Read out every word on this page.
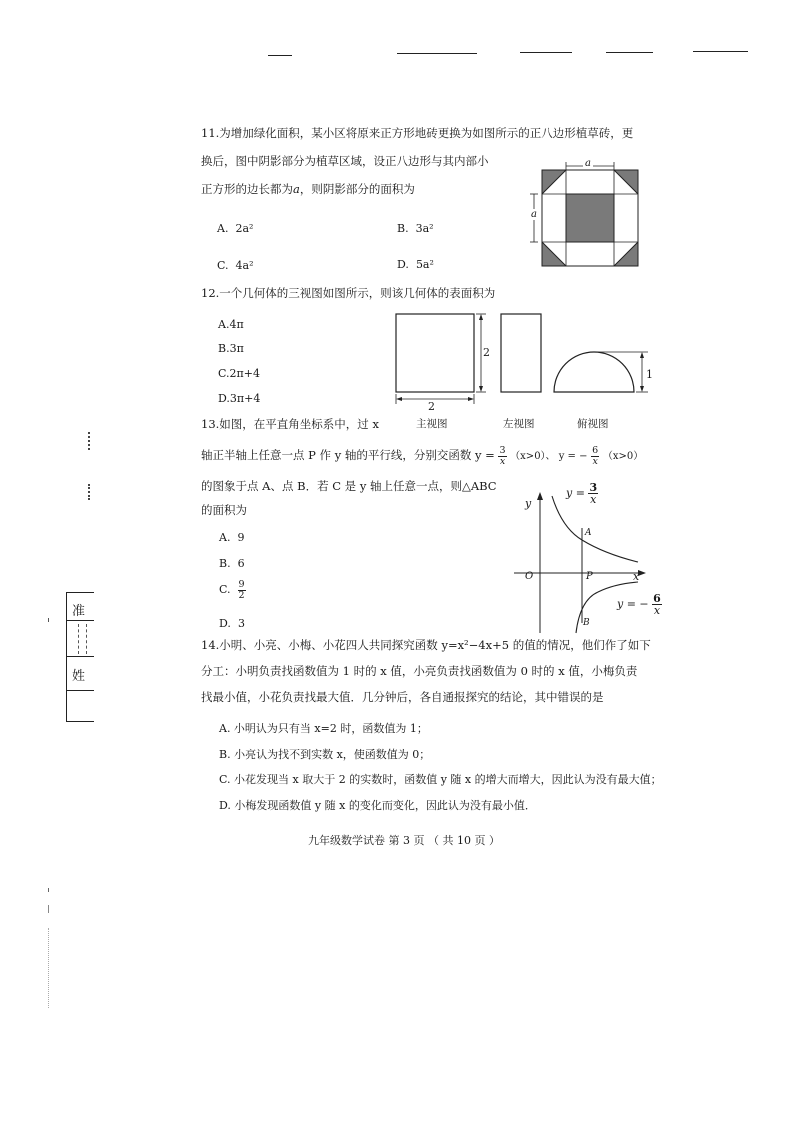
11.为增加绿化面积，某小区将原来正方形地砖更换为如图所示的正八边形植草砖，更
换后，图中阴影部分为植草区域，设正八边形与其内部小
正方形的边长都为a，则阴影部分的面积为
A. 2a²	B. 3a²
C. 4a²	D. 5a²
a
a
12.一个几何体的三视图如图所示，则该几何体的表面积为
A.4π
B.3π
C.2π+4
D.3π+4
2
2
1
主视图	左视图	俯视图
13.如图，在平直角坐标系中，过 x
轴正半轴上任意一点 P 作 y 轴的平行线，分别交函数 $y = \frac{3}{x} (x>0)$、 y = − $\frac{6}{x} (x>0)$
的图象于点 A、点 B．若 C 是 y 轴上任意一点，则△ABC
的面积为
A. 9
B. 6
C. $\frac{9}{2}$
D. 3
y
x
O	P
A
B
$y = \frac{3}{x}$
y = − $\frac{6}{x}$
14.小明、小亮、小梅、小花四人共同探究函数 y=x²−4x+5 的值的情况，他们作了如下
分工：小明负责找函数值为 1 时的 x 值，小亮负责找函数值为 0 时的 x 值，小梅负责
找最小值，小花负责找最大值．几分钟后，各自通报探究的结论，其中错误的是
A. 小明认为只有当 x=2 时，函数值为 1；
B. 小亮认为找不到实数 x，使函数值为 0；
C. 小花发现当 x 取大于 2 的实数时，函数值 y 随 x 的增大而增大，因此认为没有最大值；
D. 小梅发现函数值 y 随 x 的变化而变化，因此认为没有最小值．
九年级数学试卷 第 3 页 （ 共 10 页 ）
准
姓
